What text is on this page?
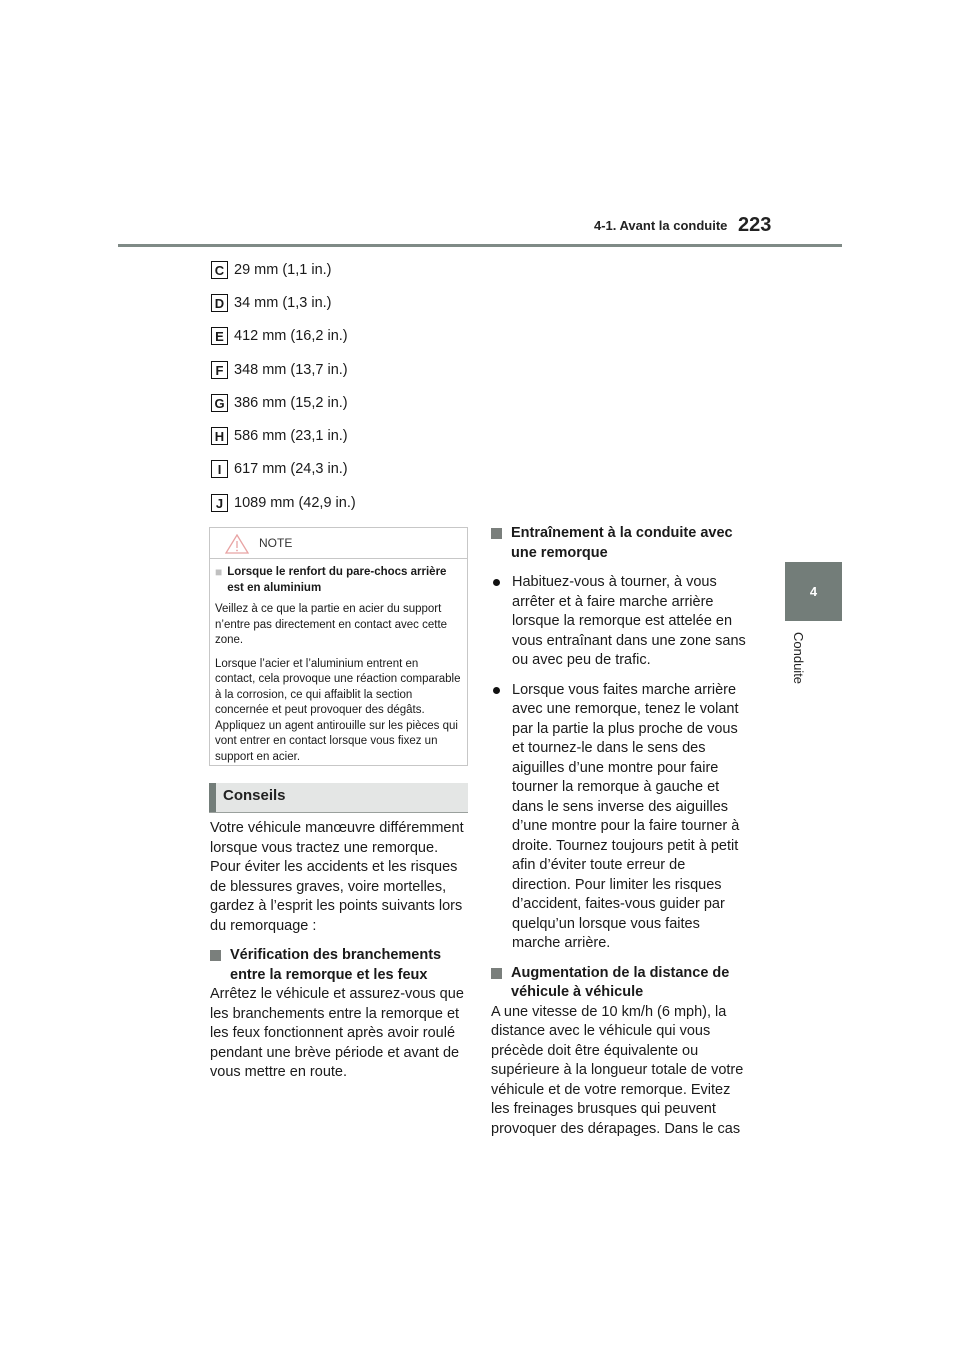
4-1. Avant la conduite 223
4
Conduite
C 29 mm (1,1 in.)
D 34 mm (1,3 in.)
E 412 mm (16,2 in.)
F 348 mm (13,7 in.)
G 386 mm (15,2 in.)
H 586 mm (23,1 in.)
I 617 mm (24,3 in.)
J 1089 mm (42,9 in.)
NOTE
■ Lorsque le renfort du pare-chocs arrière est en aluminium

Veillez à ce que la partie en acier du support n’entre pas directement en contact avec cette zone.

Lorsque l’acier et l’aluminium entrent en contact, cela provoque une réaction comparable à la corrosion, ce qui affaiblit la section concernée et peut provoquer des dégâts. Appliquez un agent antirouille sur les pièces qui vont entrer en contact lorsque vous fixez un support en acier.

Conseils

Votre véhicule manœuvre différemment lorsque vous tractez une remorque. Pour éviter les accidents et les risques de blessures graves, voire mortelles, gardez à l’esprit les points suivants lors du remorquage :

Vérification des branchements entre la remorque et les feux

Arrêtez le véhicule et assurez-vous que les branchements entre la remorque et les feux fonctionnent après avoir roulé pendant une brève période et avant de vous mettre en route.

Entraînement à la conduite avec une remorque
Habituez-vous à tourner, à vous arrêter et à faire marche arrière lorsque la remorque est attelée en vous entraînant dans une zone sans ou avec peu de trafic.
Lorsque vous faites marche arrière avec une remorque, tenez le volant par la partie la plus proche de vous et tournez-le dans le sens des aiguilles d’une montre pour faire tourner la remorque à gauche et dans le sens inverse des aiguilles d’une montre pour la faire tourner à droite. Tournez toujours petit à petit afin d’éviter toute erreur de direction. Pour limiter les risques d’accident, faites-vous guider par quelqu’un lorsque vous faites marche arrière.
Augmentation de la distance de véhicule à véhicule

A une vitesse de 10 km/h (6 mph), la distance avec le véhicule qui vous précède doit être équivalente ou supérieure à la longueur totale de votre véhicule et de votre remorque. Evitez les freinages brusques qui peuvent provoquer des dérapages. Dans le cas
